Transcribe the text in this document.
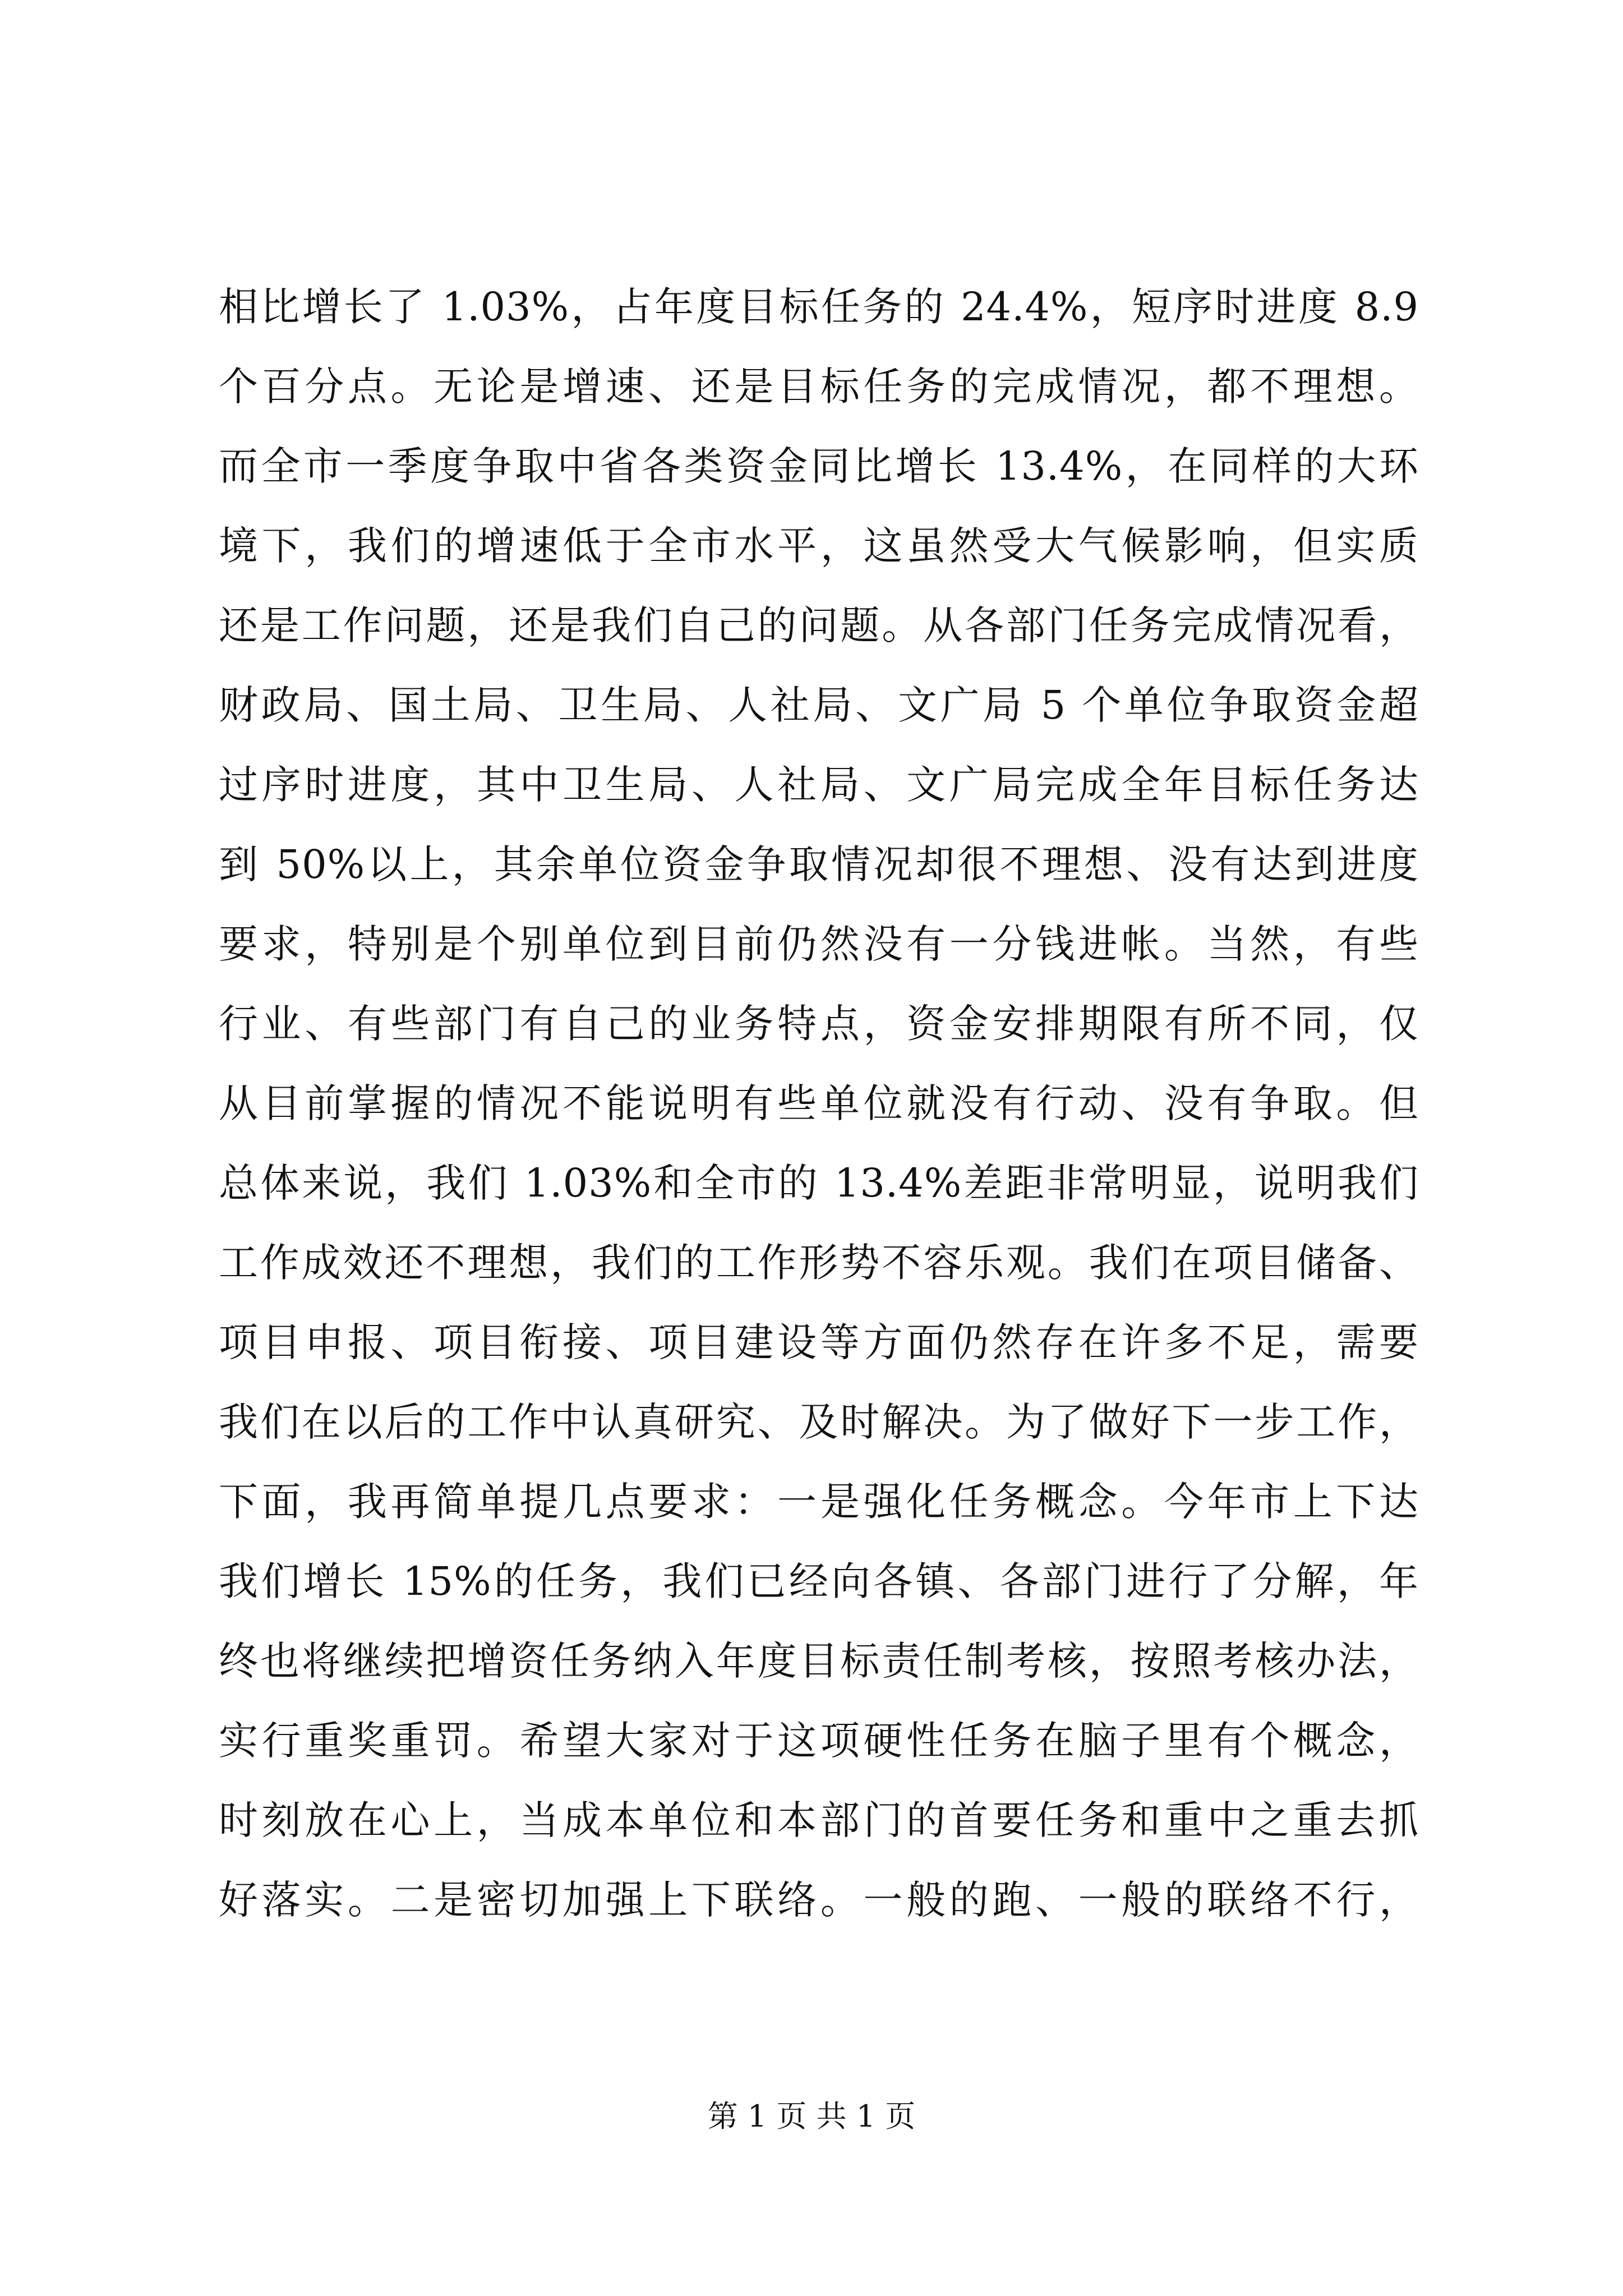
相比增长了 1.03%，占年度目标任务的 24.4%，短序时进度 8.9
个百分点。无论是增速、还是目标任务的完成情况，都不理想。
而全市一季度争取中省各类资金同比增长 13.4%，在同样的大环
境下，我们的增速低于全市水平，这虽然受大气候影响，但实质
还是工作问题，还是我们自己的问题。从各部门任务完成情况看，
财政局、国土局、卫生局、人社局、文广局 5 个单位争取资金超
过序时进度，其中卫生局、人社局、文广局完成全年目标任务达
到 50%以上，其余单位资金争取情况却很不理想、没有达到进度
要求，特别是个别单位到目前仍然没有一分钱进帐。当然，有些
行业、有些部门有自己的业务特点，资金安排期限有所不同，仅
从目前掌握的情况不能说明有些单位就没有行动、没有争取。但
总体来说，我们 1.03%和全市的 13.4%差距非常明显，说明我们
工作成效还不理想，我们的工作形势不容乐观。我们在项目储备、
项目申报、项目衔接、项目建设等方面仍然存在许多不足，需要
我们在以后的工作中认真研究、及时解决。为了做好下一步工作，
下面，我再简单提几点要求：一是强化任务概念。今年市上下达
我们增长 15%的任务，我们已经向各镇、各部门进行了分解，年
终也将继续把增资任务纳入年度目标责任制考核，按照考核办法，
实行重奖重罚。希望大家对于这项硬性任务在脑子里有个概念，
时刻放在心上，当成本单位和本部门的首要任务和重中之重去抓
好落实。二是密切加强上下联络。一般的跑、一般的联络不行，
第 1 页 共 1 页
